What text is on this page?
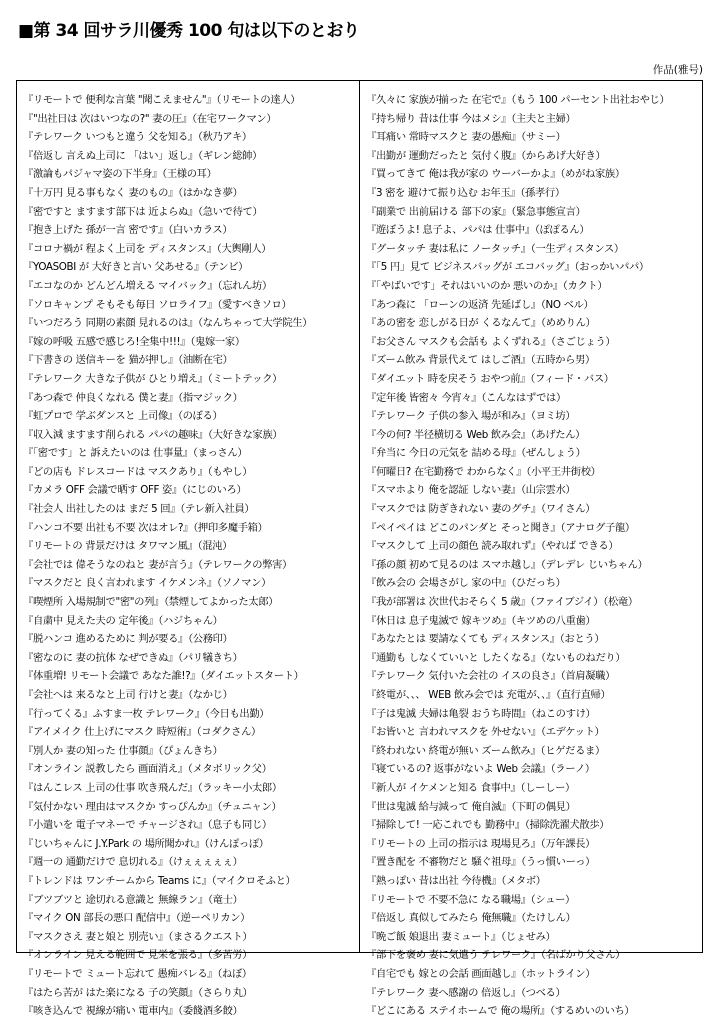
■第 34 回サラ川優秀 100 句は以下のとおり
作品(雅号)
『リモートで 便利な言葉 "聞こえません"』（リモートの達人）
『"出社日は 次はいつなの?" 妻の圧』（在宅ワークマン）
『テレワーク いつもと違う 父を知る』（秋乃アキ）
『倍返し 言えぬ上司に 「はい」返し』（ギレン総帥）
『激論もパジャマ姿の下半身』（王様の耳）
『十万円 見る事もなく 妻のもの』（はかなき夢）
『密ですと ますます部下は 近よらぬ』（急いで待て）
『抱き上げた 孫が一言 密です』（白いカラス）
『コロナ禍が 程よく上司を ディスタンス』（大輿剛人）
『YOASOBI が 大好きと言い 父あせる』（テンビ）
『エコなのか どんどん増える マイバック』（忘れん坊）
『ソロキャンプ そもそも毎日 ソロライフ』（愛すべきソロ）
『いつだろう 同期の素顔 見れるのは』（なんちゃって大学院生）
『嫁の呼吸 五感で感じろ!全集中!!!』（鬼嫁一家）
『下書きの 送信キーを 猫が押し』（油断在宅）
『テレワーク 大きな子供が ひとり増え』（ミートテック）
『あつ森で 仲良くなれる 僕と妻』（指マジック）
『虹プロで 学ぶダンスと 上司像』（のぼる）
『収入減 ますます削られる パパの趣味』（大好きな家族）
『「密です」と 訴えたいのは 仕事量』（まっさん）
『どの店も ドレスコードは マスクあり』（もやし）
『カメラ OFF 会議で晒す OFF 姿』（にじのいろ）
『社会人 出社したのは まだ 5 回』（テレ新入社員）
『ハンコ不要 出社も不要 次はオレ?』（押印多魔手箱）
『リモートの 背景だけは タワマン風』（混沌）
『会社では 偉そうなのねと 妻が言う』（テレワークの弊害）
『マスクだと 良く言われます イケメンネ』（ソノマン）
『喫煙所 入場規制で"密"の列』（禁煙してよかった太郎）
『自粛中 見えた夫の 定年後』（ハジちゃん）
『脱ハンコ 進めるために 判が要る』（公務印）
『密なのに 妻の抗体 なぜできぬ』（パリ犠きち）
『体重増! リモート会議で あなた誰!?』（ダイエットスタート）
『会社へは 来るなと上司 行けと妻』（なかじ）
『行ってくる』ふすま一枚 テレワーク』（今日も出勤）
『アイメイク 仕上げにマスク 時短術』（コダクさん）
『別人か 妻の知った 仕事顔』（ぴょんきち）
『オンライン 説教したら 画面消え』（メタボリック父）
『はんこレス 上司の仕事 吹き飛んだ』（ラッキー小太郎）
『気付かない 理由はマスクか すっぴんか』（チュニャン）
『小遣いを 電子マネーで チャージされ』（息子も同じ）
『じいちゃんに J.Y.Park の 場所聞かれ』（けんぽっぽ）
『週一の 通勤だけで 息切れる』（けぇぇぇぇぇ）
『トレンドは ワンチームから Teams に』（マイクロそふと）
『ブツブツと 途切れる意識と 無線ラン』（竜士）
『マイク ON 部長の悪口 配信中』（逆ーペリカン）
『マスクさえ 妻と娘と 別売い』（まさるクエスト）
『オンライン 見える範囲で 見栄を張る』（多苦労）
『リモートで ミュート忘れて 愚痴バレる』（ねぼ）
『はたら苦が はた楽になる 子の笑顔』（さらり丸）
『咳き込んで 視線が痛い 電車内』（委餞酒多餃）
『久々に 家族が揃った 在宅で』（もう 100 パーセント出社おやじ）
『持ち帰り 昔は仕事 今はメシ』（主夫と主婦）
『耳痛い 常時マスクと 妻の愚痴』（サミー）
『出勤が 運動だったと 気付く腹』（からあげ大好き）
『買ってきて 俺は我が家の ウーバーかよ』（めがね家族）
『3 密を 避けて振り込む お年玉』（孫孝行）
『副業で 出前届ける 部下の家』（緊急事態宣言）
『遊ぼうよ! 息子よ、パパは 仕事中』（ぽぽるん）
『グータッチ 妻は私に ノータッチ』（一生ディスタンス）
『「5 円」見て ビジネスバッグが エコバッグ』（おっかいパパ）
『「やばいです」それはいいのか 悪いのか』（カクト）
『あつ森に 「ローンの返済 先延ばし』（NO ベル）
『あの密を 恋しがる日が くるなんて』（めめりん）
『お父さん マスクも会話も よくずれる』（さごじょう）
『ズーム飲み 背景代えて はしご酒』（五時から男）
『ダイエット 時を戻そう おやつ前』（フィード・バス）
『定年後 皆密々 今宵々』（こんなはずでは）
『テレワーク 子供の参入 場が和み』（ヨミ坊）
『今の何? 半径横切る Web 飲み会』（あげたん）
『弁当に 今日の元気を 詰める母』（ぜんしょう）
『何曜日? 在宅勤務で わからなく』（小平王井街校）
『スマホより 俺を認証 しない妻』（山宗雲水）
『マスクでは 防ぎきれない 妻のグチ』（ワイさん）
『ペイペイは どこのパンダと そっと聞き』（アナログ子龍）
『マスクして 上司の顔色 読み取れず』（やれば できる）
『孫の顔 初めて見るのは スマホ越し』（デレデレ じいちゃん）
『飲み会の 会場さがし 家の中』（ひだっち）
『我が部署は 次世代おそらく 5 歳』（ファイブジイ）（松竜）
『休日は 息子鬼滅で 嫁キツめ』（キツめの八重歯）
『あなたとは 要請なくても ディスタンス』（おとう）
『通勤も しなくていいと したくなる』（ないものねだり）
『テレワーク 気付いた会社の イスの良さ』（首肩凝職）
『終電が、、、 WEB 飲み会では 充電が、、』（直行直帰）
『子は鬼滅 夫婦は亀裂 おうち時間』（ねこのすけ）
『お皆いと 言われマスクを 外せない』（エデケット）
『終われない 終電が無い ズーム飲み』（ヒゲだるま）
『寝ているの? 返事がないよ Web 会議』（ラーノ）
『新人が イケメンと知る 食事中』（しーしー）
『世は鬼滅 給与減って 俺自滅』（下町の偶見）
『掃除して! 一応これでも 勤務中』（掃除洗濯犬散歩）
『リモートの 上司の指示は 現場見ろ』（万年課長）
『置き配を 不審物だと 騒ぐ祖母』（うっ慣いーっ）
『熱っぽい 昔は出社 今待機』（メタボ）
『リモートで 不要不急に なる職場』（シュー）
『倍返し 真似してみたら 俺無職』（たけしん）
『晩ご飯 娘退出 妻ミュート』（じょせみ）
『部下を褒め 妻に気遣う テレワーク』（名ばかり父さん）
『自宅でも 嫁との会話 画面越し』（ホットライン）
『テレワーク 妻へ感謝の 倍返し』（つべる）
『どこにある ステイホームで 俺の場所』（するめいのいち）
